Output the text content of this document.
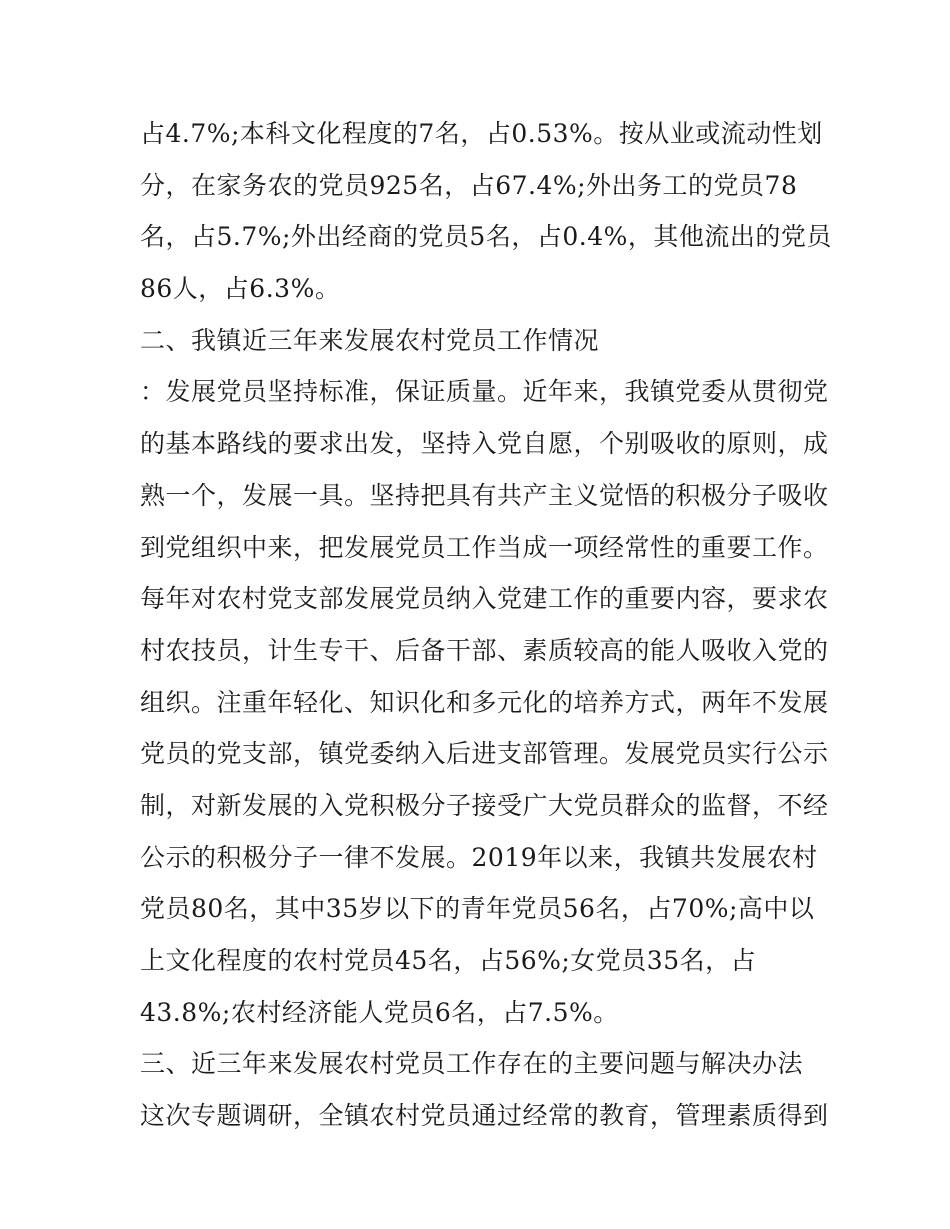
占4.7%;本科文化程度的7名，占0.53%。按从业或流动性划
分，在家务农的党员925名，占67.4%;外出务工的党员78
名，占5.7%;外出经商的党员5名，占0.4%，其他流出的党员
86人，占6.3%。
二、我镇近三年来发展农村党员工作情况
：发展党员坚持标准，保证质量。近年来，我镇党委从贯彻党
的基本路线的要求出发，坚持入党自愿，个别吸收的原则，成
熟一个，发展一具。坚持把具有共产主义觉悟的积极分子吸收
到党组织中来，把发展党员工作当成一项经常性的重要工作。
每年对农村党支部发展党员纳入党建工作的重要内容，要求农
村农技员，计生专干、后备干部、素质较高的能人吸收入党的
组织。注重年轻化、知识化和多元化的培养方式，两年不发展
党员的党支部，镇党委纳入后进支部管理。发展党员实行公示
制，对新发展的入党积极分子接受广大党员群众的监督，不经
公示的积极分子一律不发展。2019年以来，我镇共发展农村
党员80名，其中35岁以下的青年党员56名，占70%;高中以
上文化程度的农村党员45名，占56%;女党员35名，占
43.8%;农村经济能人党员6名，占7.5%。
三、近三年来发展农村党员工作存在的主要问题与解决办法
这次专题调研，全镇农村党员通过经常的教育，管理素质得到
